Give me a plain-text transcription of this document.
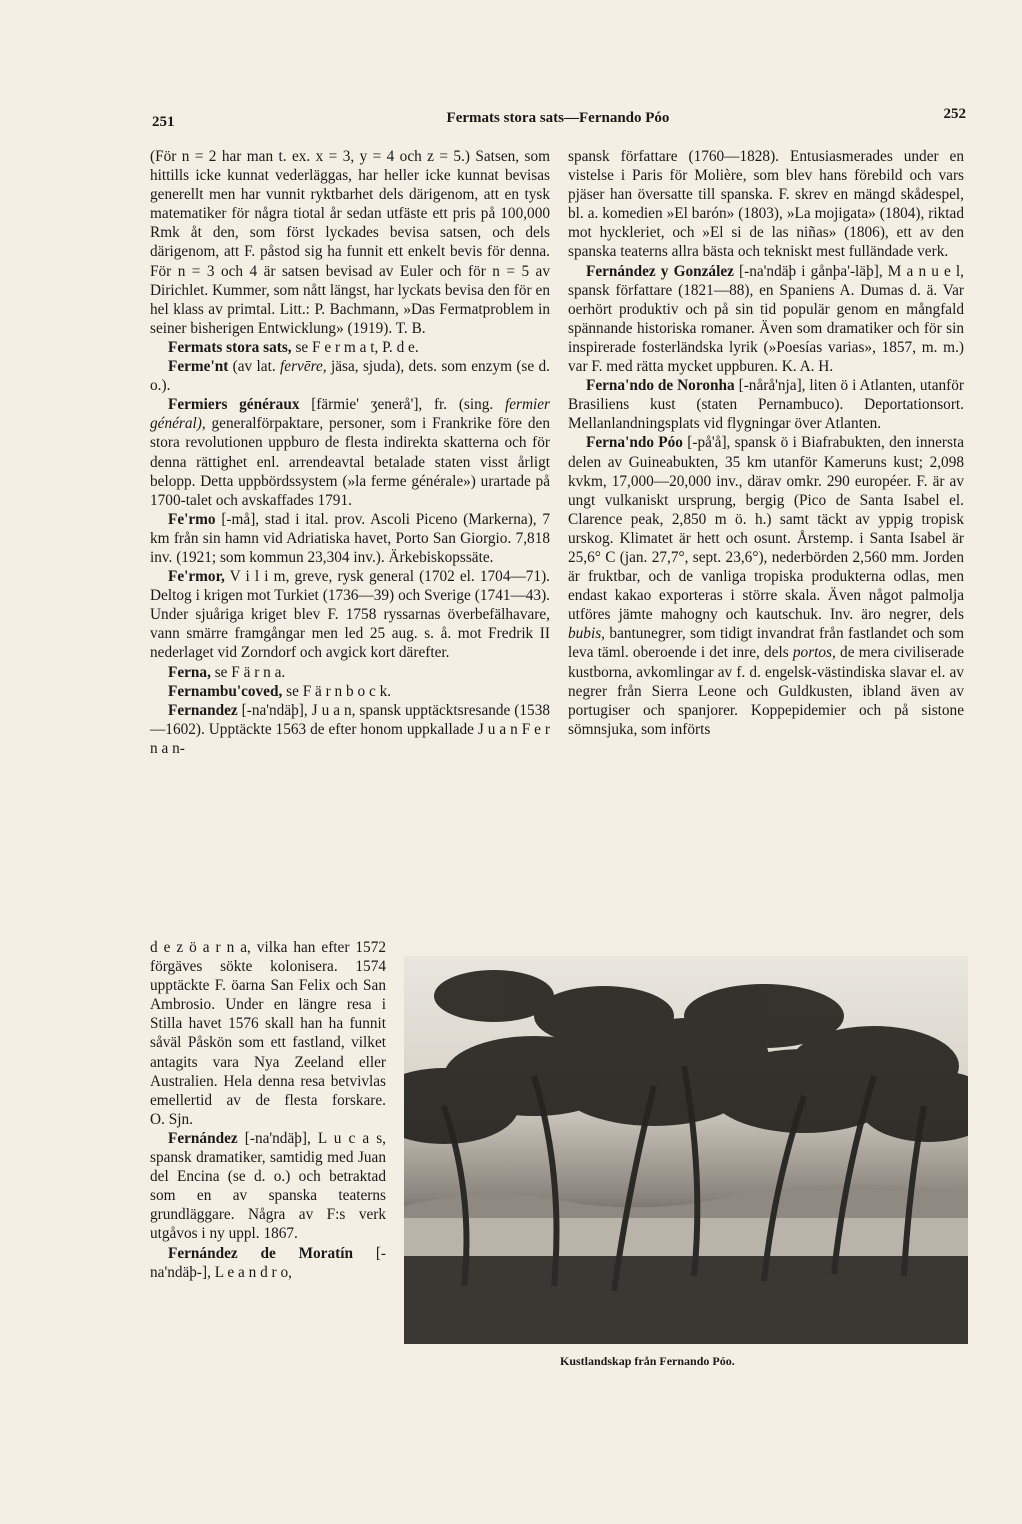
251	Fermats stora sats—Fernando Póo	252

(För n = 2 har man t. ex. x = 3, y = 4 och z = 5.) Satsen, som hittills icke kunnat vederläggas, har heller icke kunnat bevisas generellt men har vunnit ryktbarhet dels därigenom, att en tysk matematiker för några tiotal år sedan utfäste ett pris på 100,000 Rmk åt den, som först lyckades bevisa satsen, och dels därigenom, att F. påstod sig ha funnit ett enkelt bevis för denna. För n = 3 och 4 är satsen bevisad av Euler och för n = 5 av Dirichlet. Kummer, som nått längst, har lyckats bevisa den för en hel klass av primtal. Litt.: P. Bachmann, »Das Fermatproblem in seiner bisherigen Entwicklung» (1919). T. B.

Fermats stora sats, se F e r m a t, P. d e.

Ferme'nt (av lat. fervēre, jäsa, sjuda), dets. som enzym (se d. o.).

Fermiers généraux [färmie' ʒenerå'], fr. (sing. fermier général), generalförpaktare, personer, som i Frankrike före den stora revolutionen uppburo de flesta indirekta skatterna och för denna rättighet enl. arrendeavtal betalade staten visst årligt belopp. Detta uppbördssystem (»la ferme générale») urartade på 1700-talet och avskaffades 1791.

Fe'rmo [-må], stad i ital. prov. Ascoli Piceno (Markerna), 7 km från sin hamn vid Adriatiska havet, Porto San Giorgio. 7,818 inv. (1921; som kommun 23,304 inv.). Ärkebiskopssäte.

Fe'rmor, V i l i m, greve, rysk general (1702 el. 1704—71). Deltog i krigen mot Turkiet (1736—39) och Sverige (1741—43). Under sjuåriga kriget blev F. 1758 ryssarnas överbefälhavare, vann smärre framgångar men led 25 aug. s. å. mot Fredrik II nederlaget vid Zorndorf och avgick kort därefter.

Ferna, se F ä r n a.

Fernambu'coved, se F ä r n b o c k.

Fernandez [-na'ndäþ], J u a n, spansk upptäcktsresande (1538—1602). Upptäckte 1563 de efter honom uppkallade J u a n F e r n a n-

d e z ö a r n a, vilka han efter 1572 förgäves sökte kolonisera. 1574 upptäckte F. öarna San Felix och San Ambrosio. Under en längre resa i Stilla havet 1576 skall han ha funnit såväl Påskön som ett fastland, vilket antagits vara Nya Zeeland eller Australien. Hela denna resa betvivlas emellertid av de flesta forskare. O. Sjn.

Fernández [-na'ndäþ], L u c a s, spansk dramatiker, samtidig med Juan del Encina (se d. o.) och betraktad som en av spanska teaterns grundläggare. Några av F:s verk utgåvos i ny uppl. 1867.

Fernández de Moratín [-na'ndäþ-], L e a n d r o,

spansk författare (1760—1828). Entusiasmerades under en vistelse i Paris för Molière, som blev hans förebild och vars pjäser han översatte till spanska. F. skrev en mängd skådespel, bl. a. komedien »El barón» (1803), »La mojigata» (1804), riktad mot hyckleriet, och »El si de las niñas» (1806), ett av den spanska teaterns allra bästa och tekniskt mest fulländade verk.

Fernández y González [-na'ndäþ i gånþa'-läþ], M a n u e l, spansk författare (1821—88), en Spaniens A. Dumas d. ä. Var oerhört produktiv och på sin tid populär genom en mångfald spännande historiska romaner. Även som dramatiker och för sin inspirerade fosterländska lyrik (»Poesías varias», 1857, m. m.) var F. med rätta mycket uppburen. K. A. H.

Ferna'ndo de Noronha [-nårå'nja], liten ö i Atlanten, utanför Brasiliens kust (staten Pernambuco). Deportationsort. Mellanlandningsplats vid flygningar över Atlanten.

Ferna'ndo Póo [-på'å], spansk ö i Biafrabukten, den innersta delen av Guineabukten, 35 km utanför Kameruns kust; 2,098 kvkm, 17,000—20,000 inv., därav omkr. 290 européer. F. är av ungt vulkaniskt ursprung, bergig (Pico de Santa Isabel el. Clarence peak, 2,850 m ö. h.) samt täckt av yppig tropisk urskog. Klimatet är hett och osunt. Årstemp. i Santa Isabel är 25,6° C (jan. 27,7°, sept. 23,6°), nederbörden 2,560 mm. Jorden är fruktbar, och de vanliga tropiska produkterna odlas, men endast kakao exporteras i större skala. Även något palmolja utföres jämte mahogny och kautschuk. Inv. äro negrer, dels bubis, bantunegrer, som tidigt invandrat från fastlandet och som leva täml. oberoende i det inre, dels portos, de mera civiliserade kustborna, avkomlingar av f. d. engelsk-västindiska slavar el. av negrer från Sierra Leone och Guldkusten, ibland även av portugiser och spanjorer. Koppepidemier och på sistone sömnsjuka, som införts

Kustlandskap från Fernando Póo.
